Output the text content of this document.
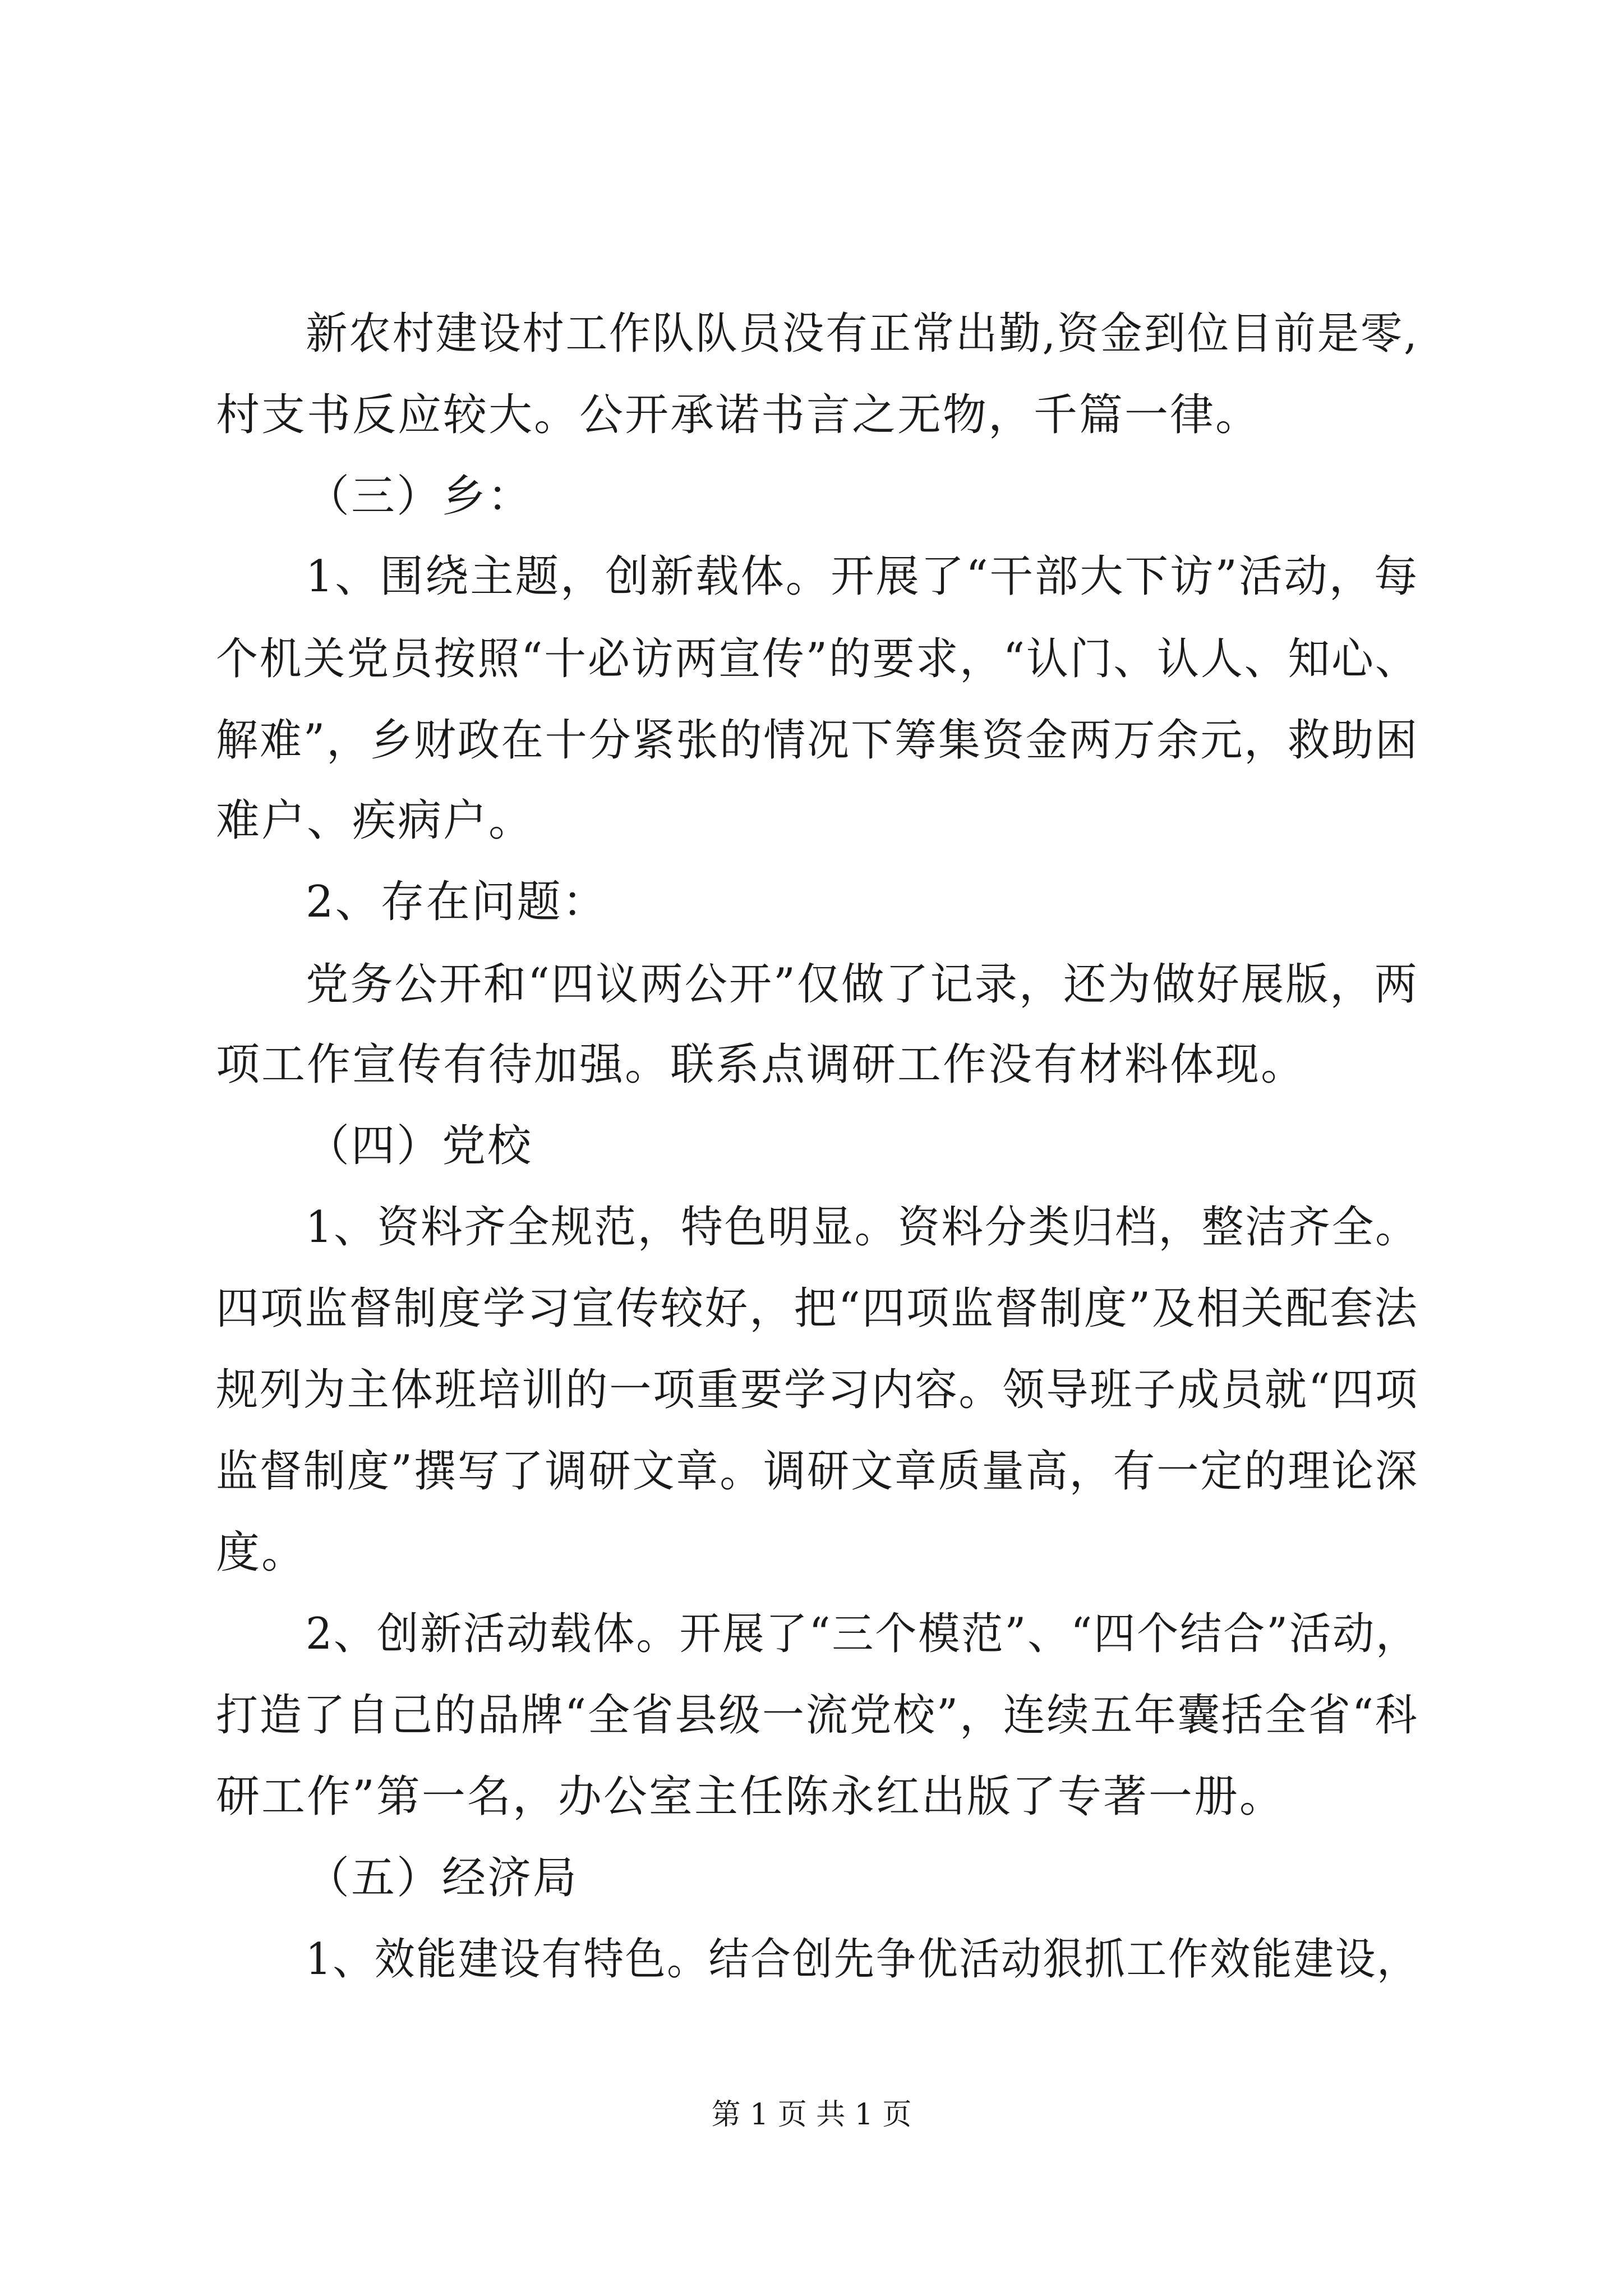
新农村建设村工作队队员没有正常出勤,资金到位目前是零,

村支书反应较大。公开承诺书言之无物，千篇一律。

（三）乡：

1、围绕主题，创新载体。开展了“干部大下访”活动，每

个机关党员按照“十必访两宣传”的要求，“认门、认人、知心、

解难”，乡财政在十分紧张的情况下筹集资金两万余元，救助困

难户、疾病户。

2、存在问题：

党务公开和“四议两公开”仅做了记录，还为做好展版，两

项工作宣传有待加强。联系点调研工作没有材料体现。

（四）党校

1、资料齐全规范，特色明显。资料分类归档，整洁齐全。

四项监督制度学习宣传较好，把“四项监督制度”及相关配套法

规列为主体班培训的一项重要学习内容。领导班子成员就“四项

监督制度”撰写了调研文章。调研文章质量高，有一定的理论深

度。

2、创新活动载体。开展了“三个模范”、“四个结合”活动，

打造了自己的品牌“全省县级一流党校”，连续五年囊括全省“科

研工作”第一名，办公室主任陈永红出版了专著一册。

（五）经济局

1、效能建设有特色。结合创先争优活动狠抓工作效能建设，

第 1 页 共 1 页
